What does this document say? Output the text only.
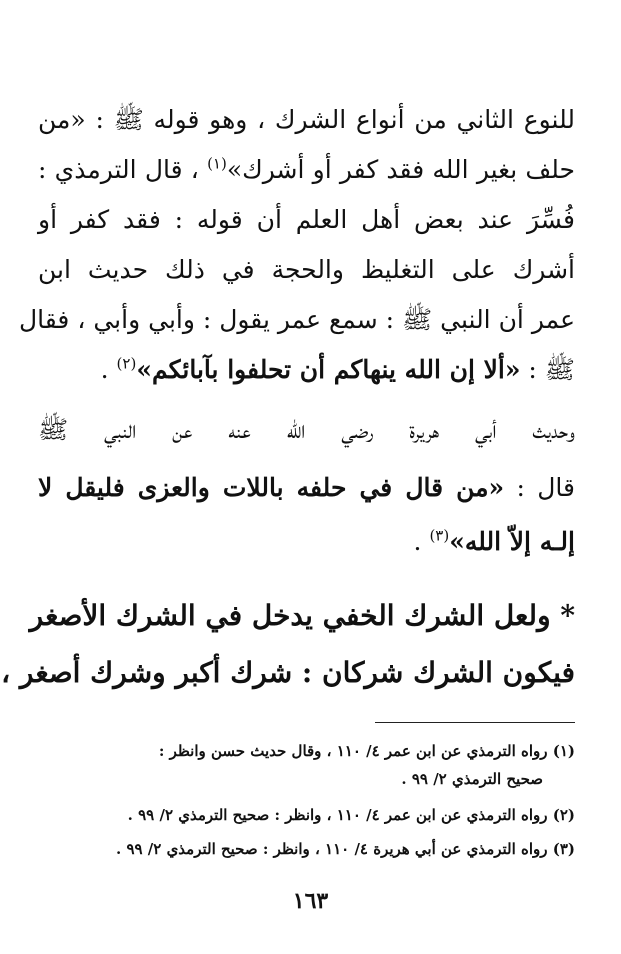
للنوع الثاني من أنواع الشرك ، وهو قوله ﷺ : «من
حلف بغير الله فقد كفر أو أشرك»$^{(١)}$ ، قال الترمذي :
فُسِّرَ عند بعض أهل العلم أن قوله : فقد كفر أو
أشرك على التغليظ والحجة في ذلك حديث ابن
عمر أن النبي ﷺ : سمع عمر يقول : وأبي وأبي ، فقال
ﷺ : «ألا إن الله ينهاكم أن تحلفوا بآبائكم»$^{(٢)}$ .
وحديث أبي هريرة رضي الله عنه عن النبي ﷺ
قال : «من قال في حلفه باللات والعزى فليقل لا
إلـه إلاّ الله»$^{(٣)}$ .
* ولعل الشرك الخفي يدخل في الشرك الأصغر
فيكون الشرك شركان : شرك أكبر وشرك أصغر ،
(١) رواه الترمذي عن ابن عمر ٤/ ١١٠ ، وقال حديث حسن وانظر :
صحيح الترمذي ٢/ ٩٩ .
(٢) رواه الترمذي عن ابن عمر ٤/ ١١٠ ، وانظر : صحيح الترمذي ٢/ ٩٩ .
(٣) رواه الترمذي عن أبي هريرة ٤/ ١١٠ ، وانظر : صحيح الترمذي ٢/ ٩٩ .
١٦٣
